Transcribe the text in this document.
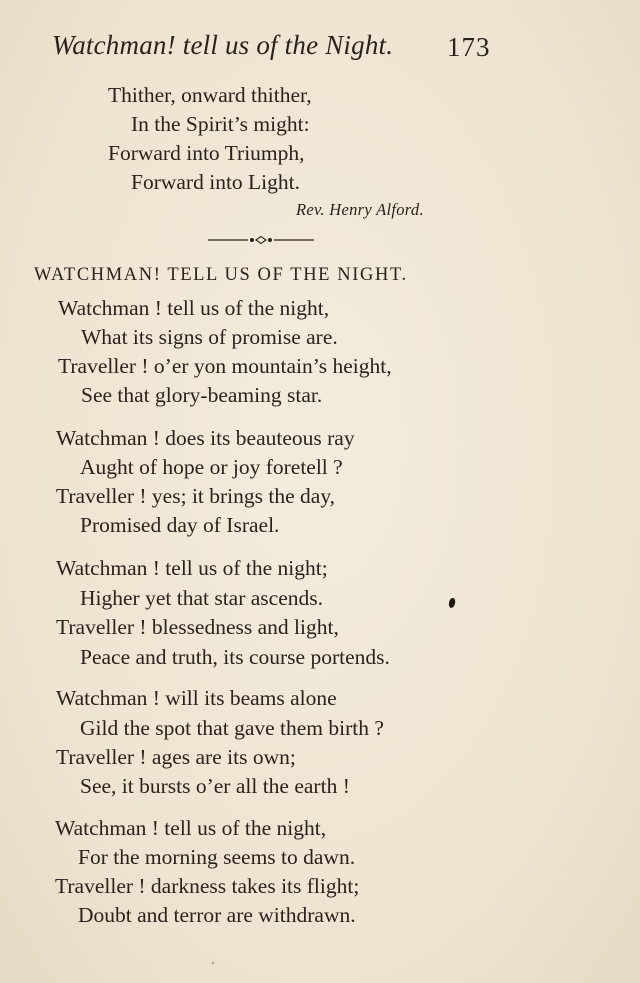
Watchman! tell us of the Night. 173
Thither, onward thither,
In the Spirit’s might:
Forward into Triumph,
Forward into Light.
Rev. Henry Alford.
WATCHMAN! TELL US OF THE NIGHT.
Watchman ! tell us of the night,
What its signs of promise are.
Traveller ! o’er yon mountain’s height,
See that glory-beaming star.
Watchman ! does its beauteous ray
Aught of hope or joy foretell ?
Traveller ! yes; it brings the day,
Promised day of Israel.
Watchman ! tell us of the night;
Higher yet that star ascends.
Traveller ! blessedness and light,
Peace and truth, its course portends.
Watchman ! will its beams alone
Gild the spot that gave them birth ?
Traveller ! ages are its own;
See, it bursts o’er all the earth !
Watchman ! tell us of the night,
For the morning seems to dawn.
Traveller ! darkness takes its flight;
Doubt and terror are withdrawn.
